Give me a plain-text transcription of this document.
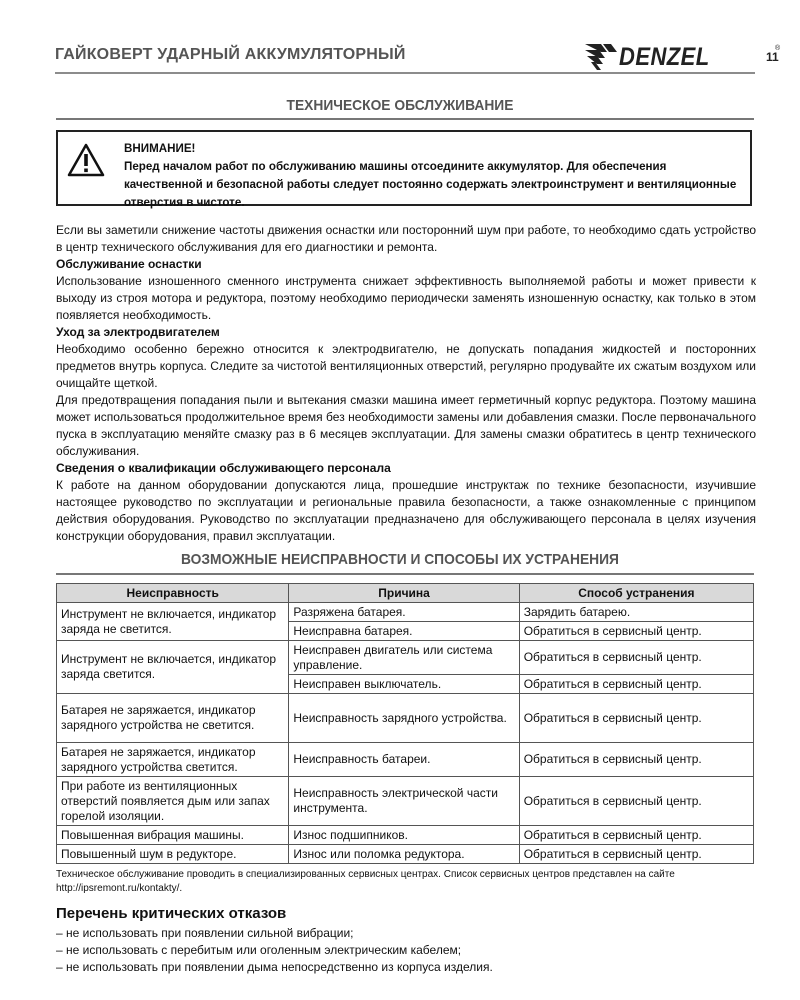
ГАЙКОВЕРТ УДАРНЫЙ АККУМУЛЯТОРНЫЙ	DENZEL	®
11
ТЕХНИЧЕСКОЕ ОБСЛУЖИВАНИЕ
ВНИМАНИЕ!
Перед началом работ по обслуживанию машины отсоедините аккумулятор. Для обеспечения качественной и безопасной работы следует постоянно содержать электроинструмент и вентиляционные отверстия в чистоте.

Если вы заметили снижение частоты движения оснастки или посторонний шум при работе, то необходимо сдать устройство в центр технического обслуживания для его диагностики и ремонта.

Обслуживание оснастки

Использование изношенного сменного инструмента снижает эффективность выполняемой работы и может привести к выходу из строя мотора и редуктора, поэтому необходимо периодически заменять изношенную оснастку, как только в этом появляется необходимость.

Уход за электродвигателем

Необходимо особенно бережно относится к электродвигателю, не допускать попадания жидкостей и посторонних предметов внутрь корпуса. Следите за чистотой вентиляционных отверстий, регулярно продувайте их сжатым воздухом или очищайте щеткой.

Для предотвращения попадания пыли и вытекания смазки машина имеет герметичный корпус редуктора. Поэтому машина может использоваться продолжительное время без необходимости замены или добавления смазки. После первоначального пуска в эксплуатацию меняйте смазку раз в 6 месяцев эксплуатации. Для замены смазки обратитесь в центр технического обслуживания.

Сведения о квалификации обслуживающего персонала

К работе на данном оборудовании допускаются лица, прошедшие инструктаж по технике безопасности, изучившие настоящее руководство по эксплуатации и региональные правила безопасности, а также ознакомленные с принципом действия оборудования. Руководство по эксплуатации предназначено для обслуживающего персонала в целях изучения конструкции оборудования, правил эксплуатации.

ВОЗМОЖНЫЕ НЕИСПРАВНОСТИ И СПОСОБЫ ИХ УСТРАНЕНИЯ
Неисправность	Причина	Способ устранения
Инструмент не включается, индикатор заряда не светится.	Разряжена батарея.	Зарядить батарею.
	Неисправна батарея.	Обратиться в сервисный центр.
Инструмент не включается, индикатор заряда светится.	Неисправен двигатель или система управление.	Обратиться в сервисный центр.
	Неисправен выключатель.	Обратиться в сервисный центр.
Батарея не заряжается, индикатор зарядного устройства не светится.	Неисправность зарядного устройства.	Обратиться в сервисный центр.
Батарея не заряжается, индикатор зарядного устройства светится.	Неисправность батареи.	Обратиться в сервисный центр.
При работе из вентиляционных отверстий появляется дым или запах горелой изоляции.	Неисправность электрической части инструмента.	Обратиться в сервисный центр.
Повышенная вибрация машины.	Износ подшипников.	Обратиться в сервисный центр.
Повышенный шум в редукторе.	Износ или поломка редуктора.	Обратиться в сервисный центр.
Техническое обслуживание проводить в специализированных сервисных центрах. Список сервисных центров представлен на сайте http://ipsremont.ru/kontakty/.
Перечень критических отказов
– не использовать при появлении сильной вибрации;
– не использовать с перебитым или оголенным электрическим кабелем;
– не использовать при появлении дыма непосредственно из корпуса изделия.
